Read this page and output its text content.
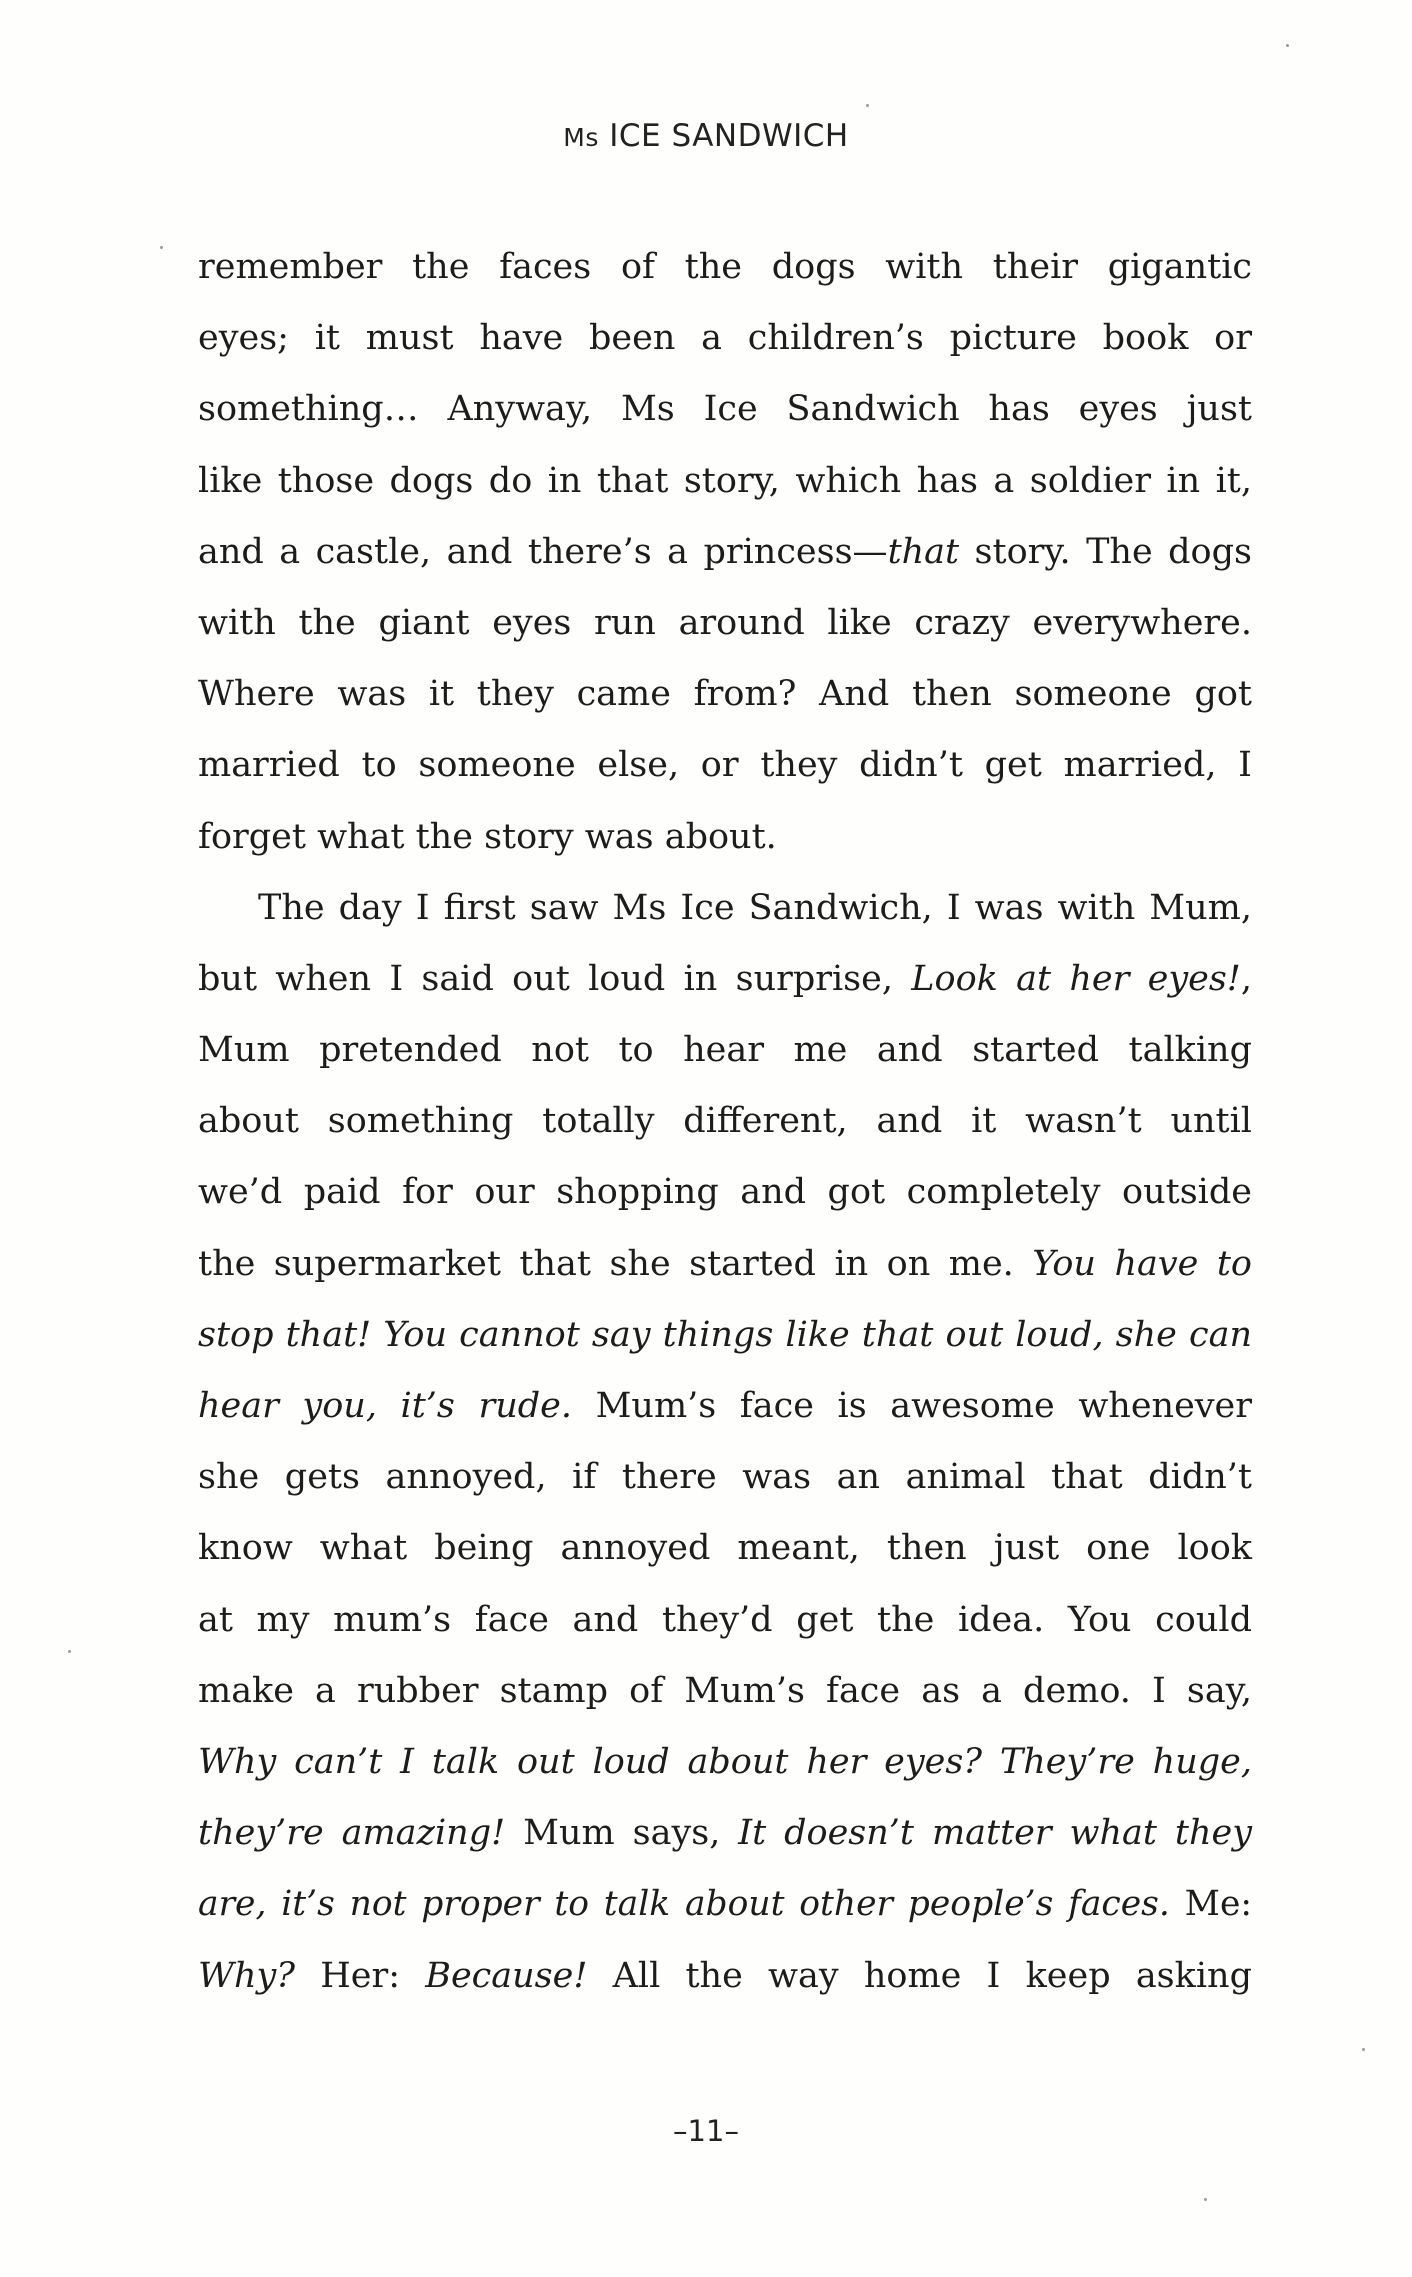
Ms ICE SANDWICH
remember the faces of the dogs with their gigantic
eyes; it must have been a children’s picture book or
something… Anyway, Ms Ice Sandwich has eyes just
like those dogs do in that story, which has a soldier in it,
and a castle, and there’s a princess—that story. The dogs
with the giant eyes run around like crazy everywhere.
Where was it they came from? And then someone got
married to someone else, or they didn’t get married, I
forget what the story was about.
The day I first saw Ms Ice Sandwich, I was with Mum,
but when I said out loud in surprise, Look at her eyes!,
Mum pretended not to hear me and started talking
about something totally different, and it wasn’t until
we’d paid for our shopping and got completely outside
the supermarket that she started in on me. You have to
stop that! You cannot say things like that out loud, she can
hear you, it’s rude. Mum’s face is awesome whenever
she gets annoyed, if there was an animal that didn’t
know what being annoyed meant, then just one look
at my mum’s face and they’d get the idea. You could
make a rubber stamp of Mum’s face as a demo. I say,
Why can’t I talk out loud about her eyes? They’re huge,
they’re amazing! Mum says, It doesn’t matter what they
are, it’s not proper to talk about other people’s faces. Me:
Why? Her: Because! All the way home I keep asking
–11–
